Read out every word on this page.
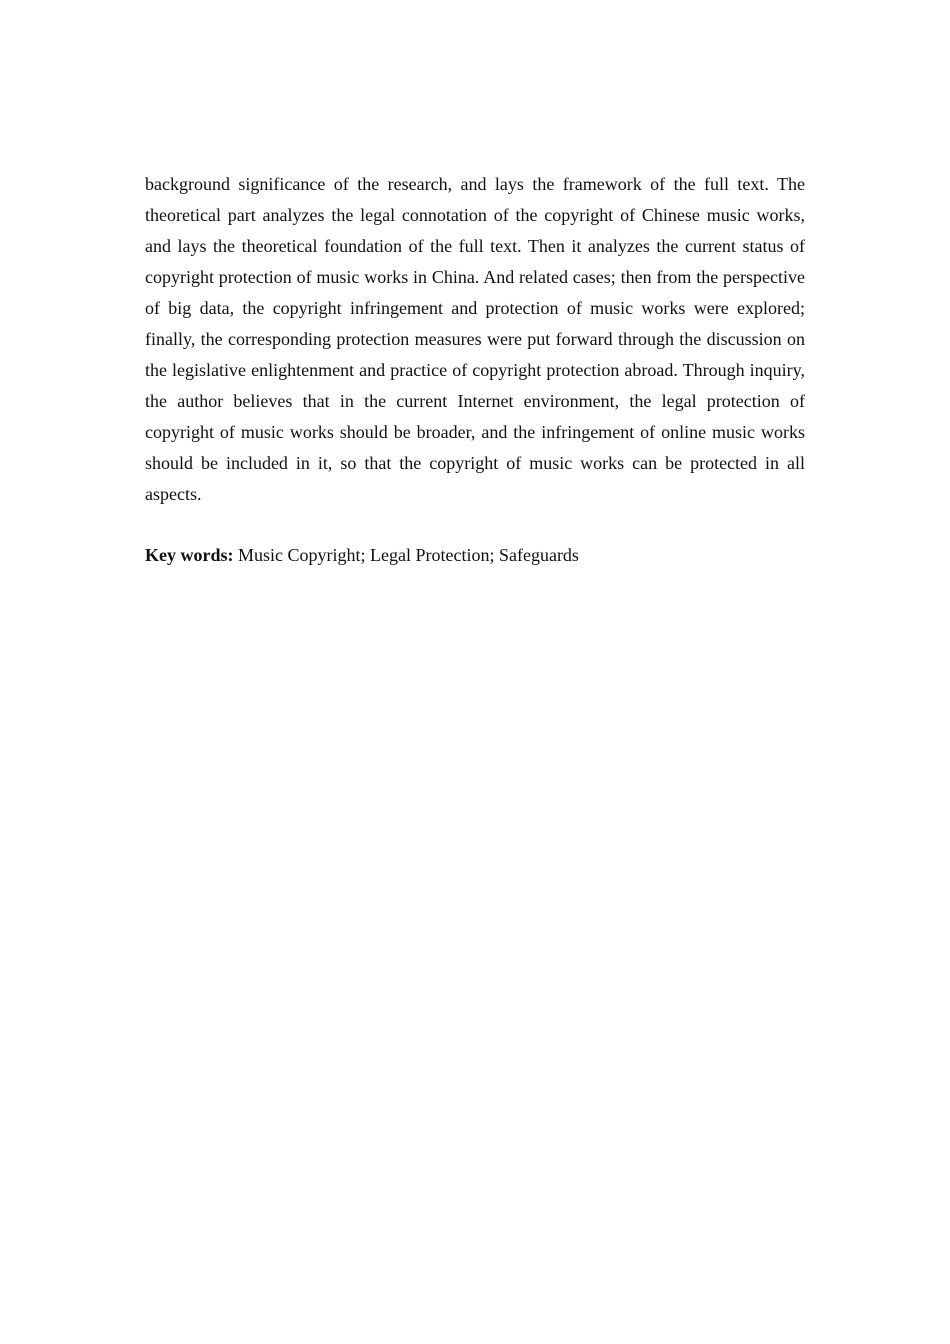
background significance of the research, and lays the framework of the full text. The theoretical part analyzes the legal connotation of the copyright of Chinese music works, and lays the theoretical foundation of the full text. Then it analyzes the current status of copyright protection of music works in China. And related cases; then from the perspective of big data, the copyright infringement and protection of music works were explored; finally, the corresponding protection measures were put forward through the discussion on the legislative enlightenment and practice of copyright protection abroad. Through inquiry, the author believes that in the current Internet environment, the legal protection of copyright of music works should be broader, and the infringement of online music works should be included in it, so that the copyright of music works can be protected in all aspects.

Key words: Music Copyright; Legal Protection; Safeguards
